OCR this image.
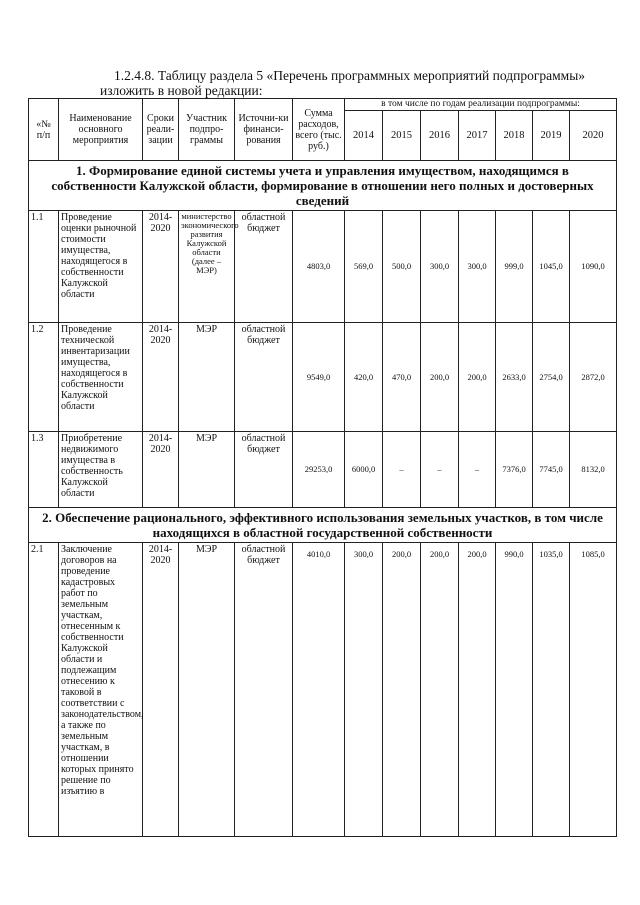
1.2.4.8. Таблицу раздела 5 «Перечень программных мероприятий подпрограммы»
изложить в новой редакции:
«№ п/п	Наименование основного мероприятия	Сроки реали-зации	Участник подпро-граммы	Источни-ки финанси-рования	Сумма расходов, всего (тыс. руб.)	в том числе по годам реализации подпрограммы:						
						2014	2015	2016	2017	2018	2019	2020
1. Формирование единой системы учета и управления имуществом, находящимся в собственности Калужской области, формирование в отношении него полных и достоверных сведений												
1.1	Проведение оценки рыночной стоимости имущества, находящегося в собственности Калужской области	2014-2020	министерство экономического развития Калужской области (далее – МЭР)	областной бюджет	4803,0	569,0	500,0	300,0	300,0	999,0	1045,0	1090,0
1.2	Проведение технической инвентаризации имущества, находящегося в собственности Калужской области	2014-2020	МЭР	областной бюджет	9549,0	420,0	470,0	200,0	200,0	2633,0	2754,0	2872,0
1.3	Приобретение недвижимого имущества в собственность Калужской области	2014-2020	МЭР	областной бюджет	29253,0	6000,0	–	–	–	7376,0	7745,0	8132,0
2. Обеспечение рационального, эффективного использования земельных участков, в том числе находящихся в областной государственной собственности												
2.1	Заключение договоров на проведение кадастровых работ по земельным участкам, отнесенным к собственности Калужской области и подлежащим отнесению к таковой в соответствии с законодательством, а также по земельным участкам, в отношении которых принято решение по изъятию в	2014-2020	МЭР	областной бюджет	4010,0	300,0	200,0	200,0	200,0	990,0	1035,0	1085,0
